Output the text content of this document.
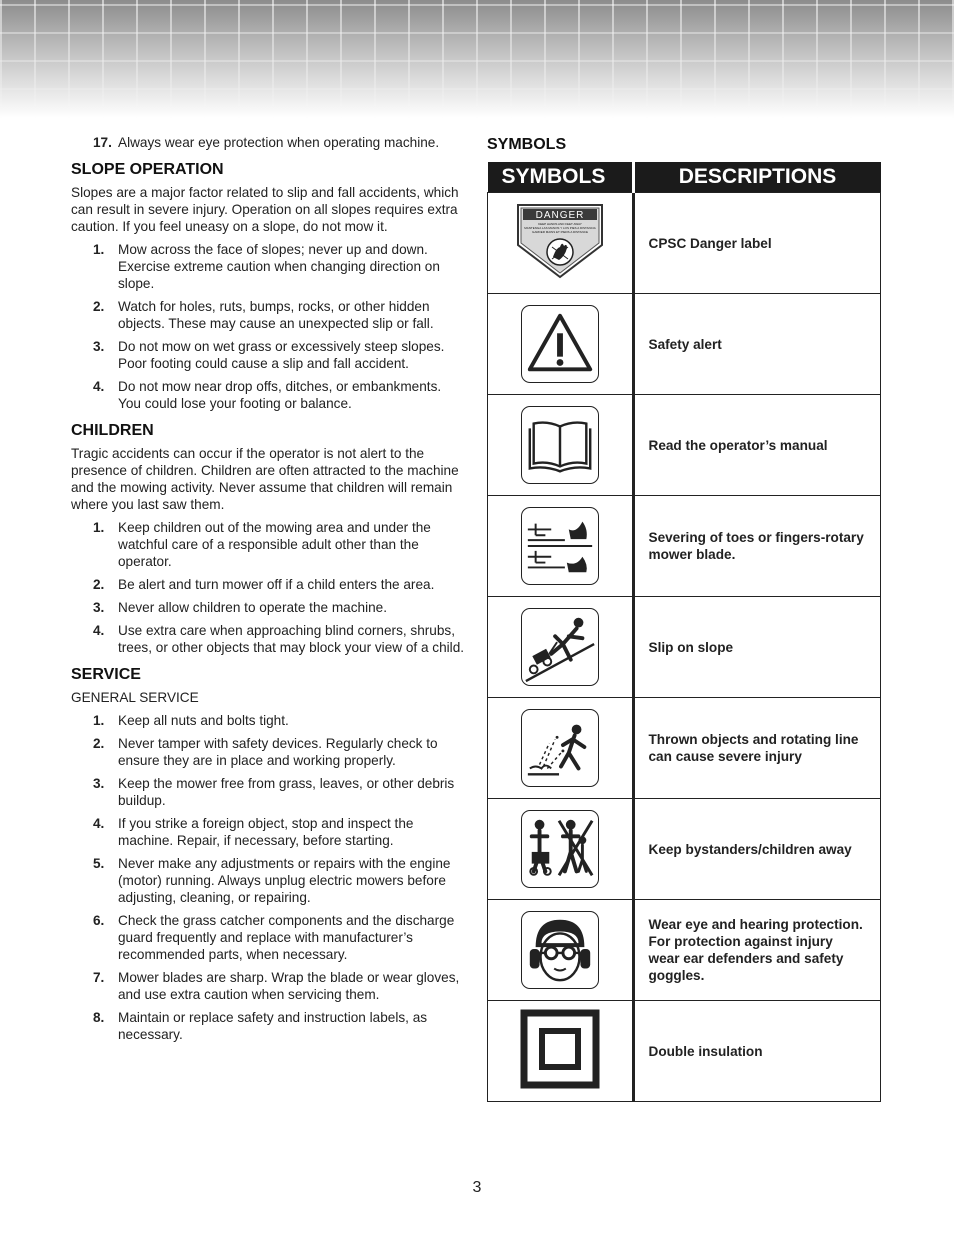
17. Always wear eye protection when operating machine.
SLOPE OPERATION

Slopes are a major factor related to slip and fall accidents, which can result in severe injury. Operation on all slopes requires extra caution. If you feel uneasy on a slope, do not mow it.

1. Mow across the face of slopes; never up and down. Exercise extreme caution when changing direction on slope.
2. Watch for holes, ruts, bumps, rocks, or other hidden objects. These may cause an unexpected slip or fall.
3. Do not mow on wet grass or excessively steep slopes. Poor footing could cause a slip and fall accident.
4. Do not mow near drop offs, ditches, or embankments. You could lose your footing or balance.
CHILDREN

Tragic accidents can occur if the operator is not alert to the presence of children. Children are often attracted to the machine and the mowing activity. Never assume that children will remain where you last saw them.

1. Keep children out of the mowing area and under the watchful care of a responsible adult other than the operator.
2. Be alert and turn mower off if a child enters the area.
3. Never allow children to operate the machine.
4. Use extra care when approaching blind corners, shrubs, trees, or other objects that may block your view of a child.
SERVICE
GENERAL SERVICE
1. Keep all nuts and bolts tight.
2. Never tamper with safety devices. Regularly check to ensure they are in place and working properly.
3. Keep the mower free from grass, leaves, or other debris buildup.
4. If you strike a foreign object, stop and inspect the machine. Repair, if necessary, before starting.
5. Never make any adjustments or repairs with the engine (motor) running. Always unplug electric mowers before adjusting, cleaning, or repairing.
6. Check the grass catcher components and the discharge guard frequently and replace with manufacturer’s recommended parts, when necessary.
7. Mower blades are sharp. Wrap the blade or wear gloves, and use extra caution when servicing them.
8. Maintain or replace safety and instruction labels, as necessary.
SYMBOLS
SYMBOLS	DESCRIPTIONS

DANGER
KEEP HANDS AND FEET AWAY
MANTENGA LAS MANOS Y LOS PIES A DISTANCIA
GARDER MAINS ET PIEDS A DISTANCE	CPSC Danger label

	Safety alert

	Read the operator’s manual

	Severing of toes or fingers-rotary mower blade.

	Slip on slope

	Thrown objects and rotating line can cause severe injury

	Keep bystanders/children away

	Wear eye and hearing protection. For protection against injury wear ear defenders and safety goggles.
	Double insulation
3
